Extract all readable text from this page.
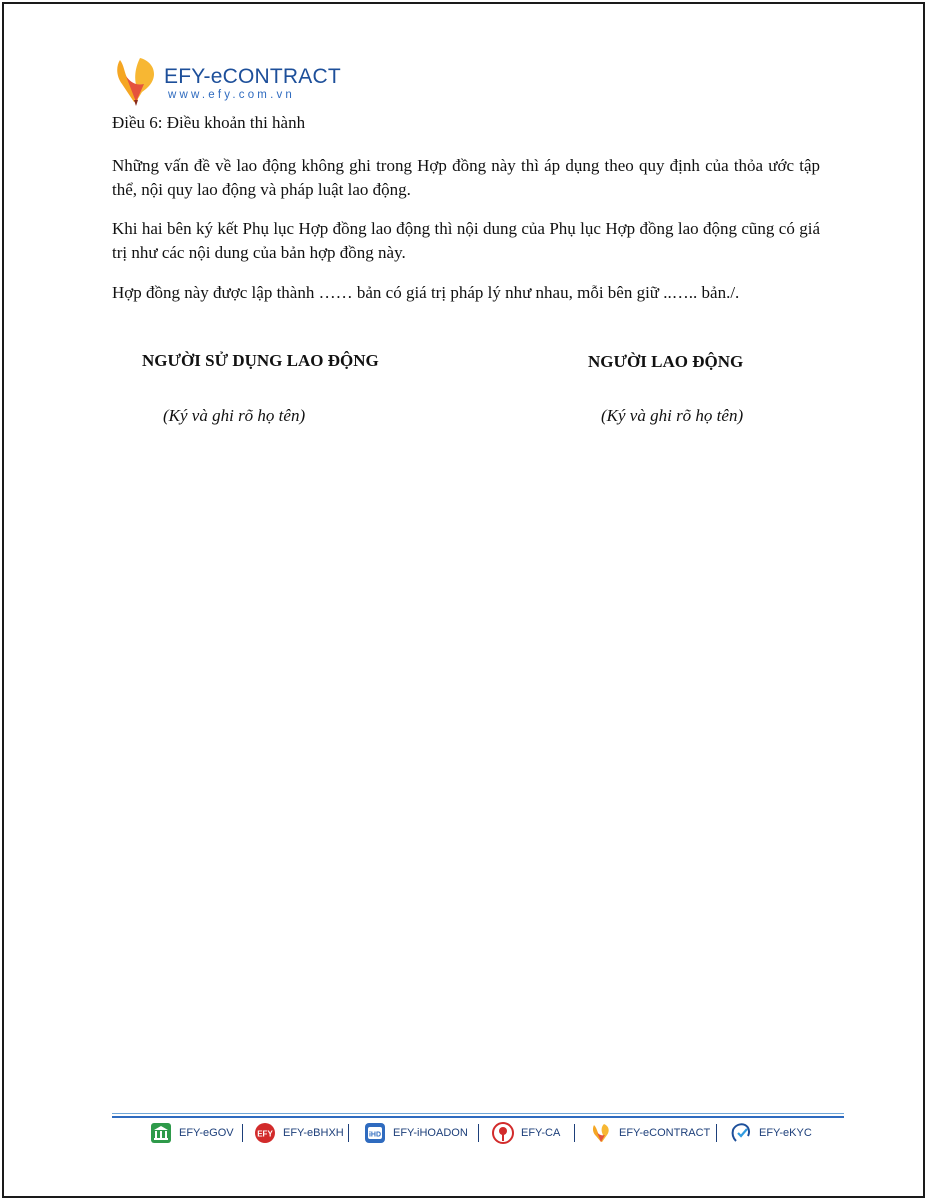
EFY-eCONTRACT
www.efy.com.vn
Điều 6: Điều khoản thi hành

Những vấn đề về lao động không ghi trong Hợp đồng này thì áp dụng theo quy định của thỏa ước tập thể, nội quy lao động và pháp luật lao động.

Khi hai bên ký kết Phụ lục Hợp đồng lao động thì nội dung của Phụ lục Hợp đồng lao động cũng có giá trị như các nội dung của bản hợp đồng này.

Hợp đồng này được lập thành …… bản có giá trị pháp lý như nhau, mỗi bên giữ ..….. bản./.

NGƯỜI SỬ DỤNG LAO ĐỘNG	NGƯỜI LAO ĐỘNG
(Ký và ghi rõ họ tên)	(Ký và ghi rõ họ tên)
EFY-eGOV	EFY EFY-eBHXH	iHD EFY-iHOADON	EFY-CA	EFY-eCONTRACT	EFY-eKYC
